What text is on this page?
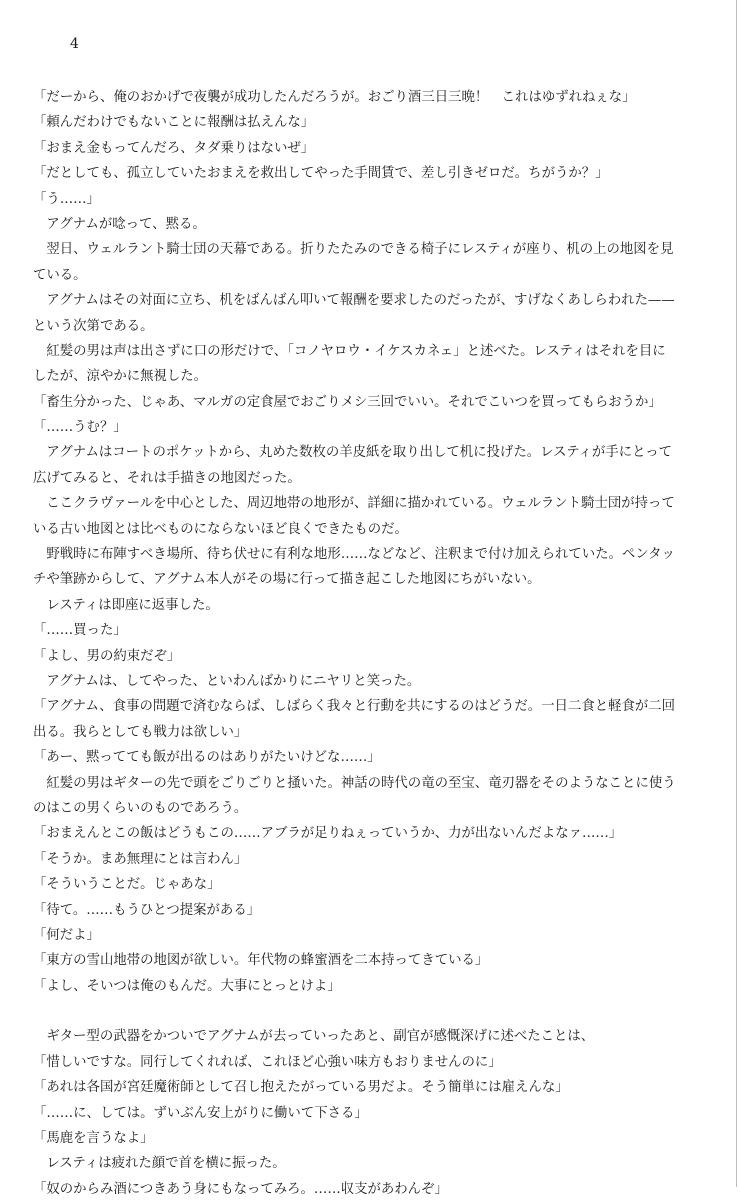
4
「だーから、俺のおかげで夜襲が成功したんだろうが。おごり酒三日三晩！　これはゆずれねぇな」
「頼んだわけでもないことに報酬は払えんな」
「おまえ金もってんだろ、タダ乗りはないぜ」
「だとしても、孤立していたおまえを救出してやった手間賃で、差し引きゼロだ。ちがうか？」
「う……」
　アグナムが唸って、黙る。
　翌日、ウェルラント騎士団の天幕である。折りたたみのできる椅子にレスティが座り、机の上の地図を見
ている。
　アグナムはその対面に立ち、机をばんばん叩いて報酬を要求したのだったが、すげなくあしらわれた——
という次第である。
　紅髪の男は声は出さずに口の形だけで、「コノヤロウ・イケスカネェ」と述べた。レスティはそれを目に
したが、涼やかに無視した。
「畜生分かった、じゃあ、マルガの定食屋でおごりメシ三回でいい。それでこいつを買ってもらおうか」
「……うむ？」
　アグナムはコートのポケットから、丸めた数枚の羊皮紙を取り出して机に投げた。レスティが手にとって
広げてみると、それは手描きの地図だった。
　ここクラヴァールを中心とした、周辺地帯の地形が、詳細に描かれている。ウェルラント騎士団が持って
いる古い地図とは比べものにならないほど良くできたものだ。
　野戦時に布陣すべき場所、待ち伏せに有利な地形……などなど、注釈まで付け加えられていた。ペンタッ
チや筆跡からして、アグナム本人がその場に行って描き起こした地図にちがいない。
　レスティは即座に返事した。
「……買った」
「よし、男の約束だぞ」
　アグナムは、してやった、といわんばかりにニヤリと笑った。
「アグナム、食事の問題で済むならば、しばらく我々と行動を共にするのはどうだ。一日二食と軽食が二回
出る。我らとしても戦力は欲しい」
「あー、黙ってても飯が出るのはありがたいけどな……」
　紅髪の男はギターの先で頭をごりごりと掻いた。神話の時代の竜の至宝、竜刃器をそのようなことに使う
のはこの男くらいのものであろう。
「おまえんとこの飯はどうもこの……アブラが足りねぇっていうか、力が出ないんだよなァ……」
「そうか。まあ無理にとは言わん」
「そういうことだ。じゃあな」
「待て。……もうひとつ提案がある」
「何だよ」
「東方の雪山地帯の地図が欲しい。年代物の蜂蜜酒を二本持ってきている」
「よし、そいつは俺のもんだ。大事にとっとけよ」
　ギター型の武器をかついでアグナムが去っていったあと、副官が感慨深げに述べたことは、
「惜しいですな。同行してくれれば、これほど心強い味方もおりませんのに」
「あれは各国が宮廷魔術師として召し抱えたがっている男だよ。そう簡単には雇えんな」
「……に、しては。ずいぶん安上がりに働いて下さる」
「馬鹿を言うなよ」
　レスティは疲れた顔で首を横に振った。
「奴のからみ酒につきあう身にもなってみろ。……収支があわんぞ」
